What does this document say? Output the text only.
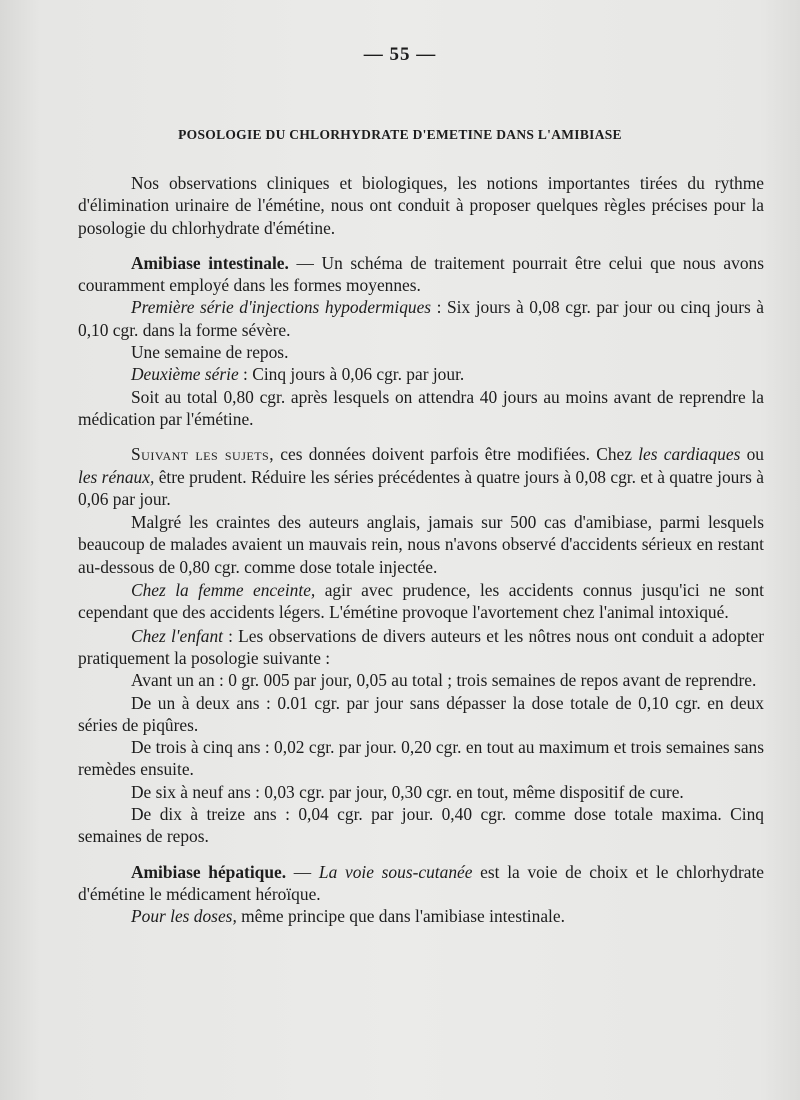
— 55 —
POSOLOGIE DU CHLORHYDRATE D'EMETINE DANS L'AMIBIASE

Nos observations cliniques et biologiques, les notions importantes tirées du rythme d'élimination urinaire de l'émétine, nous ont conduit à proposer quelques règles précises pour la posologie du chlorhydrate d'émétine.

Amibiase intestinale. — Un schéma de traitement pourrait être celui que nous avons couramment employé dans les formes moyennes.

Première série d'injections hypodermiques : Six jours à 0,08 cgr. par jour ou cinq jours à 0,10 cgr. dans la forme sévère.

Une semaine de repos.

Deuxième série : Cinq jours à 0,06 cgr. par jour.

Soit au total 0,80 cgr. après lesquels on attendra 40 jours au moins avant de reprendre la médication par l'émétine.

Suivant les sujets, ces données doivent parfois être modifiées. Chez les cardiaques ou les rénaux, être prudent. Réduire les séries précédentes à quatre jours à 0,08 cgr. et à quatre jours à 0,06 par jour.

Malgré les craintes des auteurs anglais, jamais sur 500 cas d'amibiase, parmi lesquels beaucoup de malades avaient un mauvais rein, nous n'avons observé d'accidents sérieux en restant au-dessous de 0,80 cgr. comme dose totale injectée.

Chez la femme enceinte, agir avec prudence, les accidents connus jusqu'ici ne sont cependant que des accidents légers. L'émétine provoque l'avortement chez l'animal intoxiqué.

Chez l'enfant : Les observations de divers auteurs et les nôtres nous ont conduit a adopter pratiquement la posologie suivante :

Avant un an : 0 gr. 005 par jour, 0,05 au total ; trois semaines de repos avant de reprendre.

De un à deux ans : 0.01 cgr. par jour sans dépasser la dose totale de 0,10 cgr. en deux séries de piqûres.

De trois à cinq ans : 0,02 cgr. par jour. 0,20 cgr. en tout au maximum et trois semaines sans remèdes ensuite.

De six à neuf ans : 0,03 cgr. par jour, 0,30 cgr. en tout, même dispositif de cure.

De dix à treize ans : 0,04 cgr. par jour. 0,40 cgr. comme dose totale maxima. Cinq semaines de repos.

Amibiase hépatique. — La voie sous-cutanée est la voie de choix et le chlorhydrate d'émétine le médicament héroïque.

Pour les doses, même principe que dans l'amibiase intestinale.
